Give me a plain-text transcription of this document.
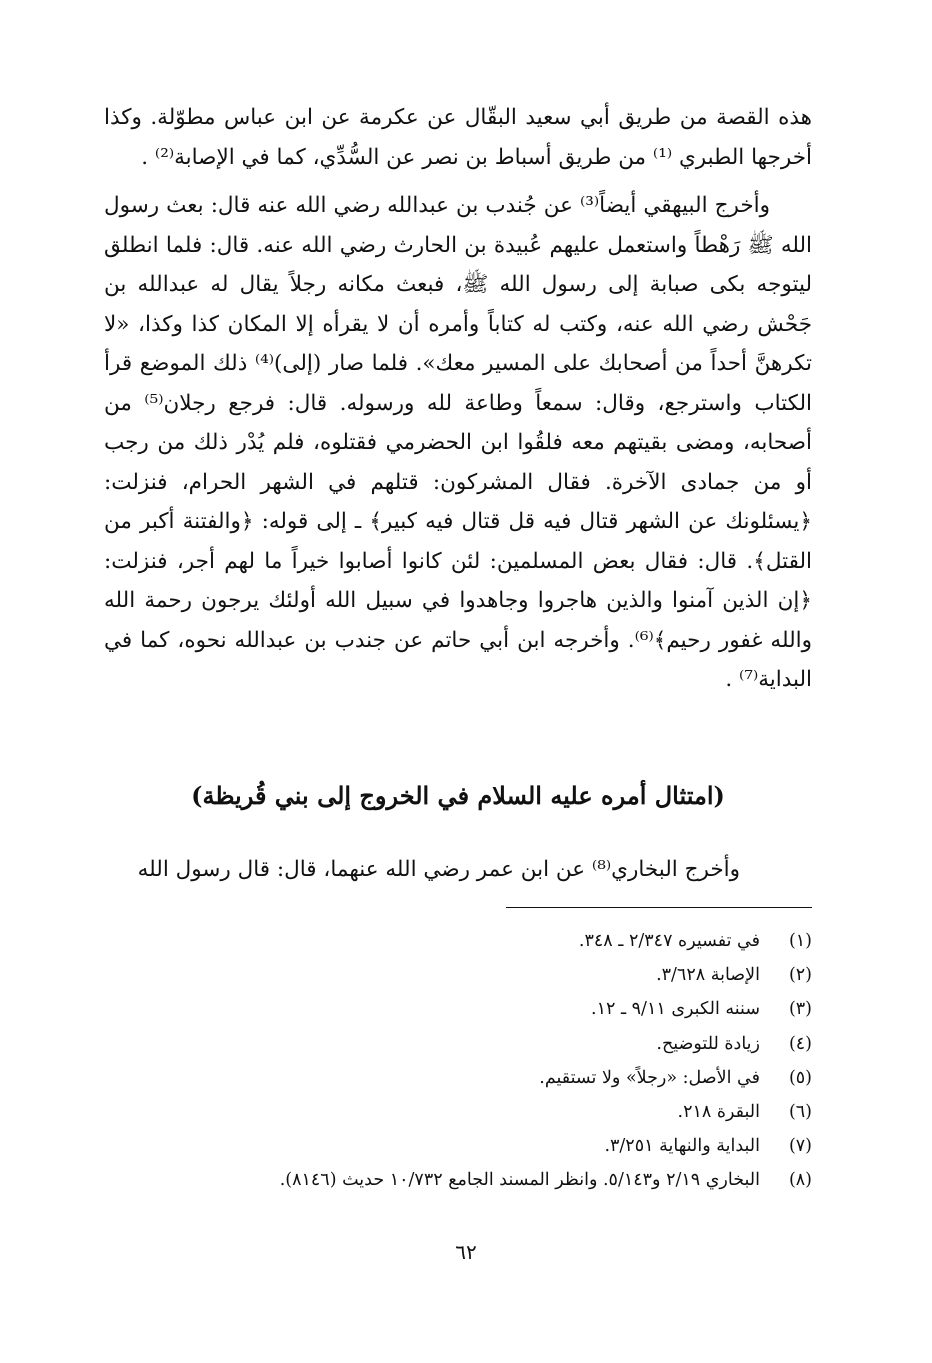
هذه القصة من طريق أبي سعيد البقّال عن عكرمة عن ابن عباس مطوّلة. وكذا أخرجها الطبري ⁽¹⁾ من طريق أسباط بن نصر عن السُّدِّي، كما في الإصابة⁽²⁾ .

وأخرج البيهقي أيضاً⁽³⁾ عن جُندب بن عبدالله رضي الله عنه قال: بعث رسول الله ﷺ رَهْطاً واستعمل عليهم عُبيدة بن الحارث رضي الله عنه. قال: فلما انطلق ليتوجه بكى صبابة إلى رسول الله ﷺ، فبعث مكانه رجلاً يقال له عبدالله بن جَحْش رضي الله عنه، وكتب له كتاباً وأمره أن لا يقرأه إلا المكان كذا وكذا، «لا تكرهنَّ أحداً من أصحابك على المسير معك». فلما صار (إلى)⁽⁴⁾ ذلك الموضع قرأ الكتاب واسترجع، وقال: سمعاً وطاعة لله ورسوله. قال: فرجع رجلان⁽⁵⁾ من أصحابه، ومضى بقيتهم معه فلقُوا ابن الحضرمي فقتلوه، فلم يُدْر ذلك من رجب أو من جمادى الآخرة. فقال المشركون: قتلهم في الشهر الحرام، فنزلت: ﴿يسئلونك عن الشهر قتال فيه قل قتال فيه كبير﴾ ـ إلى قوله: ﴿والفتنة أكبر من القتل﴾. قال: فقال بعض المسلمين: لئن كانوا أصابوا خيراً ما لهم أجر، فنزلت: ﴿إن الذين آمنوا والذين هاجروا وجاهدوا في سبيل الله أولئك يرجون رحمة الله والله غفور رحيم﴾⁽⁶⁾. وأخرجه ابن أبي حاتم عن جندب بن عبدالله نحوه، كما في البداية⁽⁷⁾ .

(امتثال أمره عليه السلام في الخروج إلى بني قُريظة)

وأخرج البخاري⁽⁸⁾ عن ابن عمر رضي الله عنهما، قال: قال رسول الله

(١)
في تفسيره ٢/٣٤٧ ـ ٣٤٨.
(٢)
الإصابة ٣/٦٢٨.
(٣)
سننه الكبرى ٩/١١ ـ ١٢.
(٤)
زيادة للتوضيح.
(٥)
في الأصل: «رجلاً» ولا تستقيم.
(٦)
البقرة ٢١٨.
(٧)
البداية والنهاية ٣/٢٥١.
(٨)
البخاري ٢/١٩ و٥/١٤٣. وانظر المسند الجامع ١٠/٧٣٢ حديث (٨١٤٦).
٦٢
